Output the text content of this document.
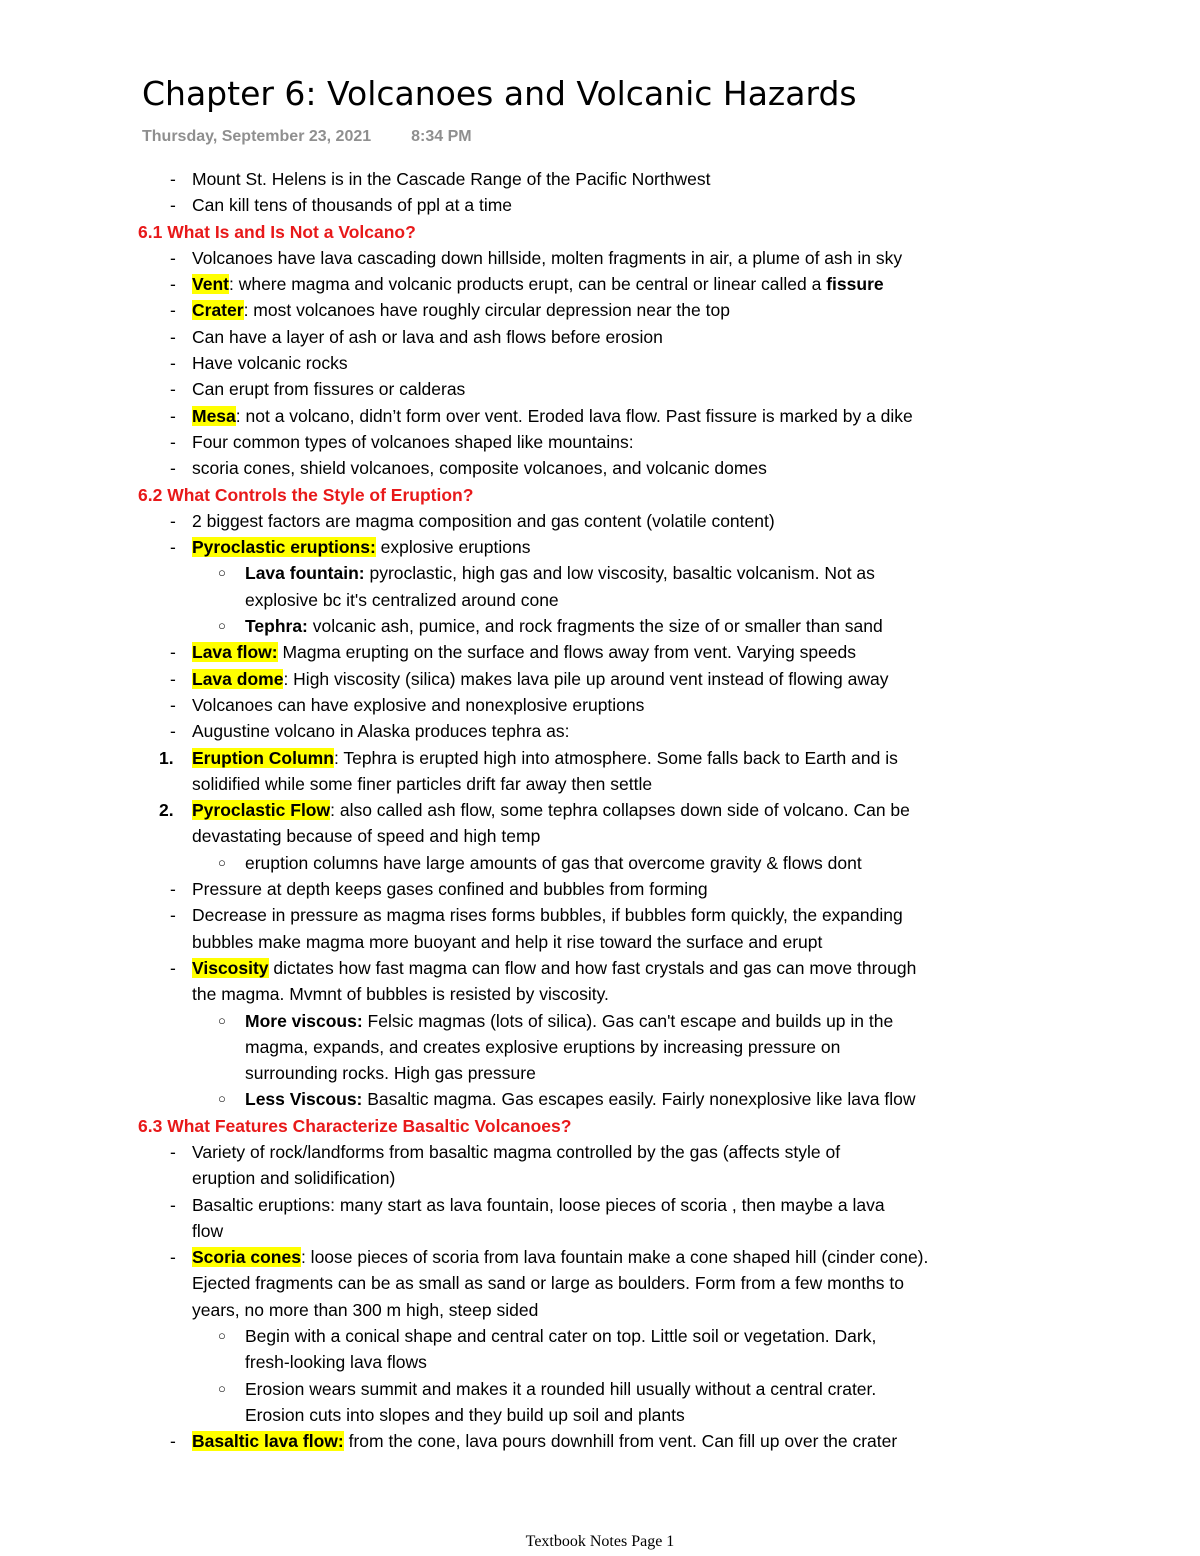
Chapter 6: Volcanoes and Volcanic Hazards
Thursday, September 23, 2021	8:34 PM
- Mount St. Helens is in the Cascade Range of the Pacific Northwest
- Can kill tens of thousands of ppl at a time
6.1 What Is and Is Not a Volcano?
- Volcanoes have lava cascading down hillside, molten fragments in air, a plume of ash in sky
- Vent: where magma and volcanic products erupt, can be central or linear called a fissure
- Crater: most volcanoes have roughly circular depression near the top
- Can have a layer of ash or lava and ash flows before erosion
- Have volcanic rocks
- Can erupt from fissures or calderas
- Mesa: not a volcano, didn’t form over vent. Eroded lava flow. Past fissure is marked by a dike
- Four common types of volcanoes shaped like mountains:
- scoria cones, shield volcanoes, composite volcanoes, and volcanic domes
6.2 What Controls the Style of Eruption?
- 2 biggest factors are magma composition and gas content (volatile content)
- Pyroclastic eruptions: explosive eruptions
○ Lava fountain: pyroclastic, high gas and low viscosity, basaltic volcanism. Not as
explosive bc it's centralized around cone
○ Tephra: volcanic ash, pumice, and rock fragments the size of or smaller than sand
- Lava flow: Magma erupting on the surface and flows away from vent. Varying speeds
- Lava dome: High viscosity (silica) makes lava pile up around vent instead of flowing away
- Volcanoes can have explosive and nonexplosive eruptions
- Augustine volcano in Alaska produces tephra as:
1. Eruption Column: Tephra is erupted high into atmosphere. Some falls back to Earth and is
solidified while some finer particles drift far away then settle
2. Pyroclastic Flow: also called ash flow, some tephra collapses down side of volcano. Can be
devastating because of speed and high temp
○ eruption columns have large amounts of gas that overcome gravity & flows dont
- Pressure at depth keeps gases confined and bubbles from forming
- Decrease in pressure as magma rises forms bubbles, if bubbles form quickly, the expanding
bubbles make magma more buoyant and help it rise toward the surface and erupt
- Viscosity dictates how fast magma can flow and how fast crystals and gas can move through
the magma. Mvmnt of bubbles is resisted by viscosity.
○ More viscous: Felsic magmas (lots of silica). Gas can't escape and builds up in the
magma, expands, and creates explosive eruptions by increasing pressure on
surrounding rocks. High gas pressure
○ Less Viscous: Basaltic magma. Gas escapes easily. Fairly nonexplosive like lava flow
6.3 What Features Characterize Basaltic Volcanoes?
- Variety of rock/landforms from basaltic magma controlled by the gas (affects style of
eruption and solidification)
- Basaltic eruptions: many start as lava fountain, loose pieces of scoria , then maybe a lava
flow
- Scoria cones: loose pieces of scoria from lava fountain make a cone shaped hill (cinder cone).
Ejected fragments can be as small as sand or large as boulders. Form from a few months to
years, no more than 300 m high, steep sided
○ Begin with a conical shape and central cater on top. Little soil or vegetation. Dark,
fresh-looking lava flows
○ Erosion wears summit and makes it a rounded hill usually without a central crater.
Erosion cuts into slopes and they build up soil and plants
- Basaltic lava flow: from the cone, lava pours downhill from vent. Can fill up over the crater
Textbook Notes Page 1
